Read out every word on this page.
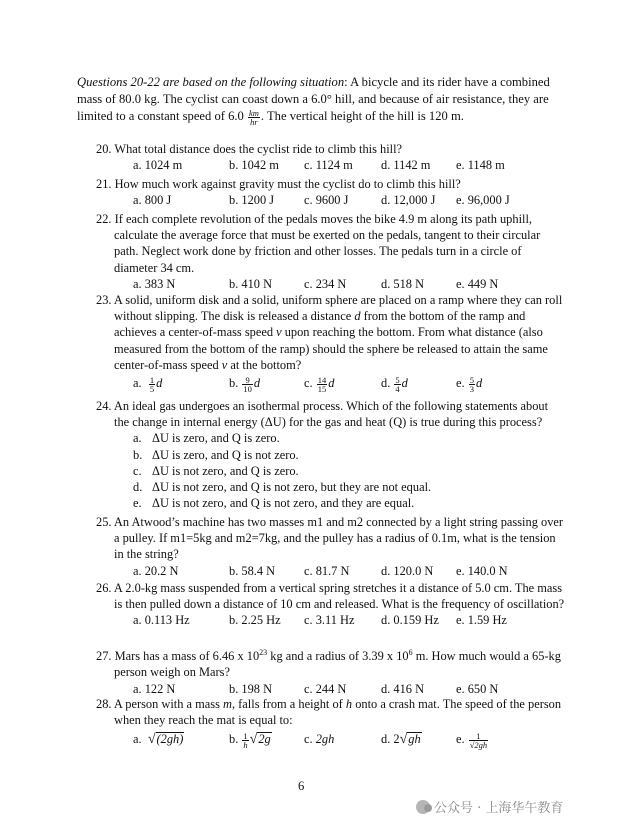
Questions 20-22 are based on the following situation: A bicycle and its rider have a combined mass of 80.0 kg. The cyclist can coast down a 6.0° hill, and because of air resistance, they are limited to a constant speed of $6.0 \frac{km}{hr}$ . The vertical height of the hill is 120 m.
20. What total distance does the cyclist ride to climb this hill?
a. 1024 m	b. 1042 m c. 1124 m d. 1142 m e. 1148 m
21. How much work against gravity must the cyclist do to climb this hill?
a. 800 J	b. 1200 J c. 9600 J	d. 12,000 J e. 96,000 J
22. If each complete revolution of the pedals moves the bike 4.9 m along its path uphill, calculate the average force that must be exerted on the pedals, tangent to their circular path. Neglect work done by friction and other losses. The pedals turn in a circle of diameter 34 cm.
a. 383 N	b. 410 N	c. 234 N	d. 518 N	e. 449 N
23. A solid, uniform disk and a solid, uniform sphere are placed on a ramp where they can roll without slipping. The disk is released a distance d from the bottom of the ramp and achieves a center-of-mass speed v upon reaching the bottom. From what distance (also measured from the bottom of the ramp) should the sphere be released to attain the same center-of-mass speed v at the bottom?
a. $\frac{1}{5}$ d	b. $\frac{9}{10}$ d	c. $\frac{14}{15}$ d	d. $\frac{5}{4}$ d	e. $\frac{5}{3}$ d
24. An ideal gas undergoes an isothermal process. Which of the following statements about the change in internal energy (ΔU) for the gas and heat (Q) is true during this process?
a. ΔU is zero, and Q is zero.
b. ΔU is zero, and Q is not zero.
c. ΔU is not zero, and Q is zero.
d. ΔU is not zero, and Q is not zero, but they are not equal.
e. ΔU is not zero, and Q is not zero, and they are equal.
25. An Atwood’s machine has two masses m1 and m2 connected by a light string passing over a pulley. If m1=5kg and m2=7kg, and the pulley has a radius of 0.1m, what is the tension in the string?
a. 20.2 N	b. 58.4 N c. 81.7 N	d. 120.0 N e. 140.0 N
26. A 2.0-kg mass suspended from a vertical spring stretches it a distance of 5.0 cm. The mass is then pulled down a distance of 10 cm and released. What is the frequency of oscillation?
a. 0.113 Hz	b. 2.25 Hz c. 3.11 Hz d. 0.159 Hz e. 1.59 Hz
27. Mars has a mass of 6.46 x $10^{23}$ kg and a radius of 3.39 x $10^6$ m. How much would a 65-kg person weigh on Mars?
a. 122 N	b. 198 N	c. 244 N	d. 416 N	e. 650 N
28. A person with a mass m, falls from a height of h onto a crash mat. The speed of the person when they reach the mat is equal to:
a. √(2gh)	b. $\frac{1}{h} √2g$	c. 2gh	d. 2√gh	e. $\frac{1}{√2gh}$
6
公众号 · 上海华午教育
